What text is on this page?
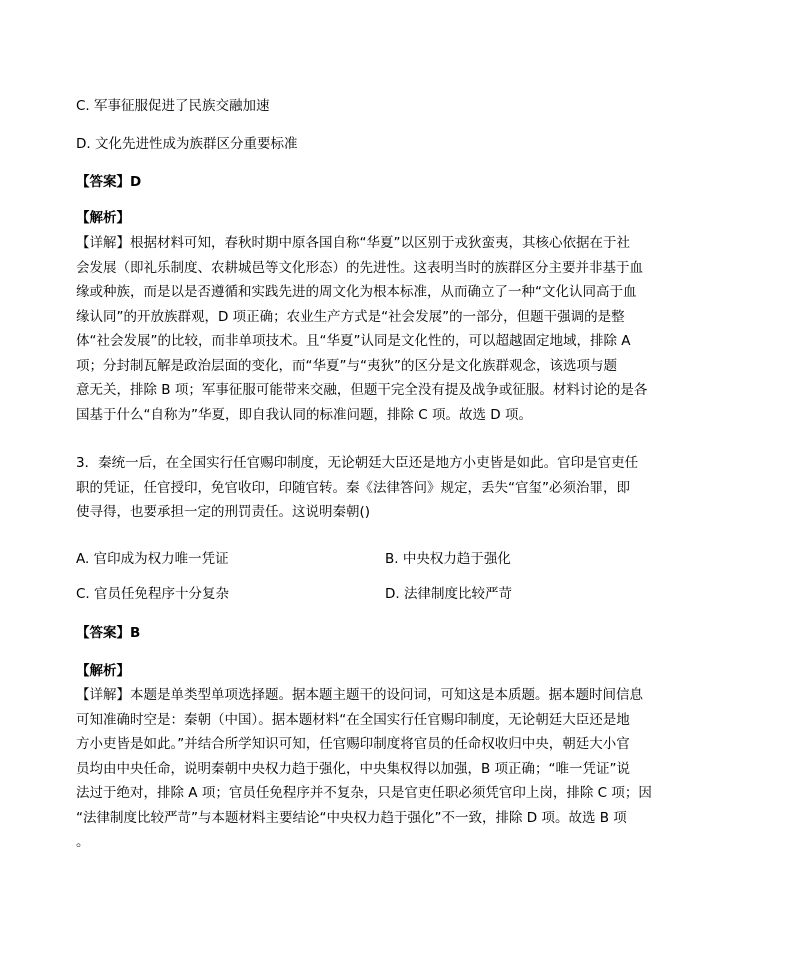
C. 军事征服促进了民族交融加速
D. 文化先进性成为族群区分重要标准
【答案】D
【解析】
【详解】根据材料可知，春秋时期中原各国自称“华夏”以区别于戎狄蛮夷，其核心依据在于社
会发展（即礼乐制度、农耕城邑等文化形态）的先进性。这表明当时的族群区分主要并非基于血
缘或种族，而是以是否遵循和实践先进的周文化为根本标准，从而确立了一种“文化认同高于血
缘认同”的开放族群观，D 项正确；农业生产方式是“社会发展”的一部分，但题干强调的是整
体“社会发展”的比较，而非单项技术。且“华夏”认同是文化性的，可以超越固定地域，排除 A
项；分封制瓦解是政治层面的变化，而“华夏”与“夷狄”的区分是文化族群观念，该选项与题
意无关，排除 B 项；军事征服可能带来交融，但题干完全没有提及战争或征服。材料讨论的是各
国基于什么“自称为”华夏，即自我认同的标准问题，排除 C 项。故选 D 项。
3．秦统一后，在全国实行任官赐印制度，无论朝廷大臣还是地方小吏皆是如此。官印是官吏任
职的凭证，任官授印，免官收印，印随官转。秦《法律答问》规定，丢失“官玺”必须治罪，即
使寻得，也要承担一定的刑罚责任。这说明秦朝()
A. 官印成为权力唯一凭证	B. 中央权力趋于强化
C. 官员任免程序十分复杂	D. 法律制度比较严苛
【答案】B
【解析】
【详解】本题是单类型单项选择题。据本题主题干的设问词，可知这是本质题。据本题时间信息
可知准确时空是：秦朝（中国）。据本题材料“在全国实行任官赐印制度，无论朝廷大臣还是地
方小吏皆是如此。”并结合所学知识可知，任官赐印制度将官员的任命权收归中央，朝廷大小官
员均由中央任命，说明秦朝中央权力趋于强化，中央集权得以加强，B 项正确；“唯一凭证”说
法过于绝对，排除 A 项；官员任免程序并不复杂，只是官吏任职必须凭官印上岗，排除 C 项；因
“法律制度比较严苛”与本题材料主要结论“中央权力趋于强化”不一致，排除 D 项。故选 B 项
。
